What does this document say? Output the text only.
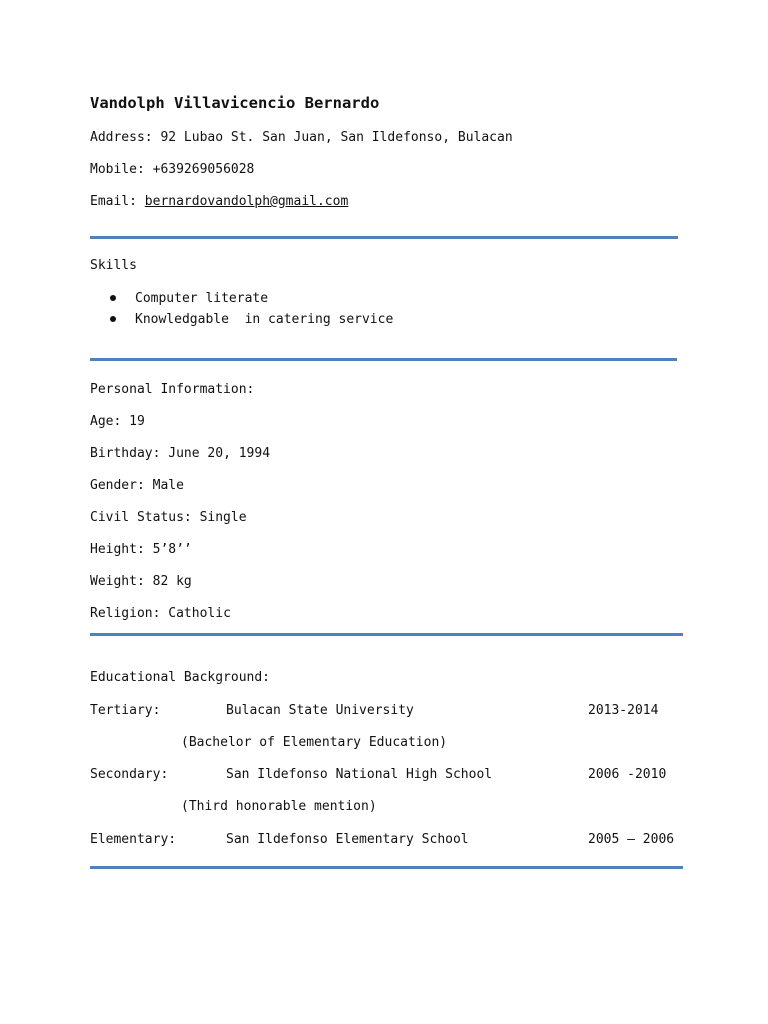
Vandolph Villavicencio Bernardo
Address: 92 Lubao St. San Juan, San Ildefonso, Bulacan
Mobile: +639269056028
Email: bernardovandolph@gmail.com
Skills
Computer literate
Knowledgable  in catering service
Personal Information:
Age: 19
Birthday: June 20, 1994
Gender: Male
Civil Status: Single
Height: 5’8’’
Weight: 82 kg
Religion: Catholic
Educational Background:
Tertiary:	Bulacan State University	2013-2014
(Bachelor of Elementary Education)
Secondary:	San Ildefonso National High School	2006 -2010
(Third honorable mention)
Elementary:	San Ildefonso Elementary School	2005 – 2006
